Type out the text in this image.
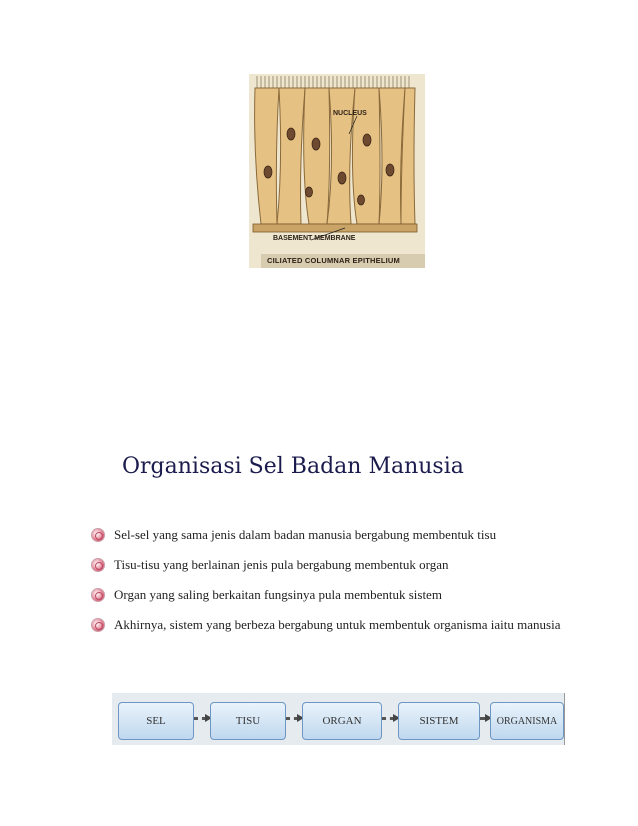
NUCLEUS
BASEMENT MEMBRANE
CILIATED COLUMNAR EPITHELIUM
Organisasi Sel Badan Manusia
Sel-sel yang sama jenis dalam badan manusia bergabung membentuk tisu
Tisu-tisu yang berlainan jenis pula bergabung membentuk organ
Organ yang saling berkaitan fungsinya pula membentuk sistem
Akhirnya, sistem yang berbeza bergabung untuk membentuk organisma iaitu manusia
SEL	TISU	ORGAN	SISTEM	ORGANISMA
